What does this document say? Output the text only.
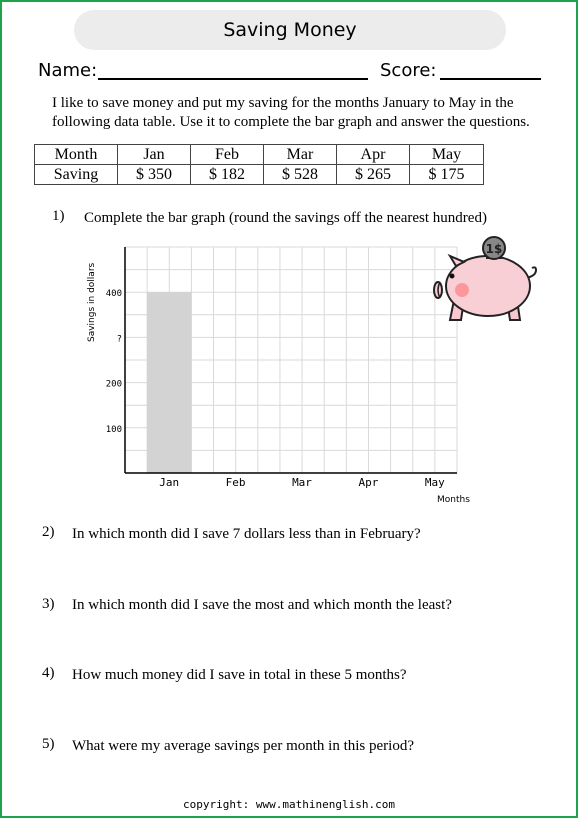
Saving Money
Name:	Score:
I like to save money and put my saving for the months January to May in the following data table. Use it to complete the bar graph and answer the questions.
Month	Jan	Feb	Mar	Apr	May
Saving	$ 350	$ 182	$ 528	$ 265	$ 175
1) Complete the bar graph (round the savings off the nearest hundred)
100
200
?
400
Jan	Feb	Mar	Apr	May
Savings in dollars
Months
1$
2) In which month did I save 7 dollars less than in February?
3) In which month did I save the most and which month the least?
4) How much money did I save in total in these 5 months?
5) What were my average savings per month in this period?
copyright: www.mathinenglish.com
